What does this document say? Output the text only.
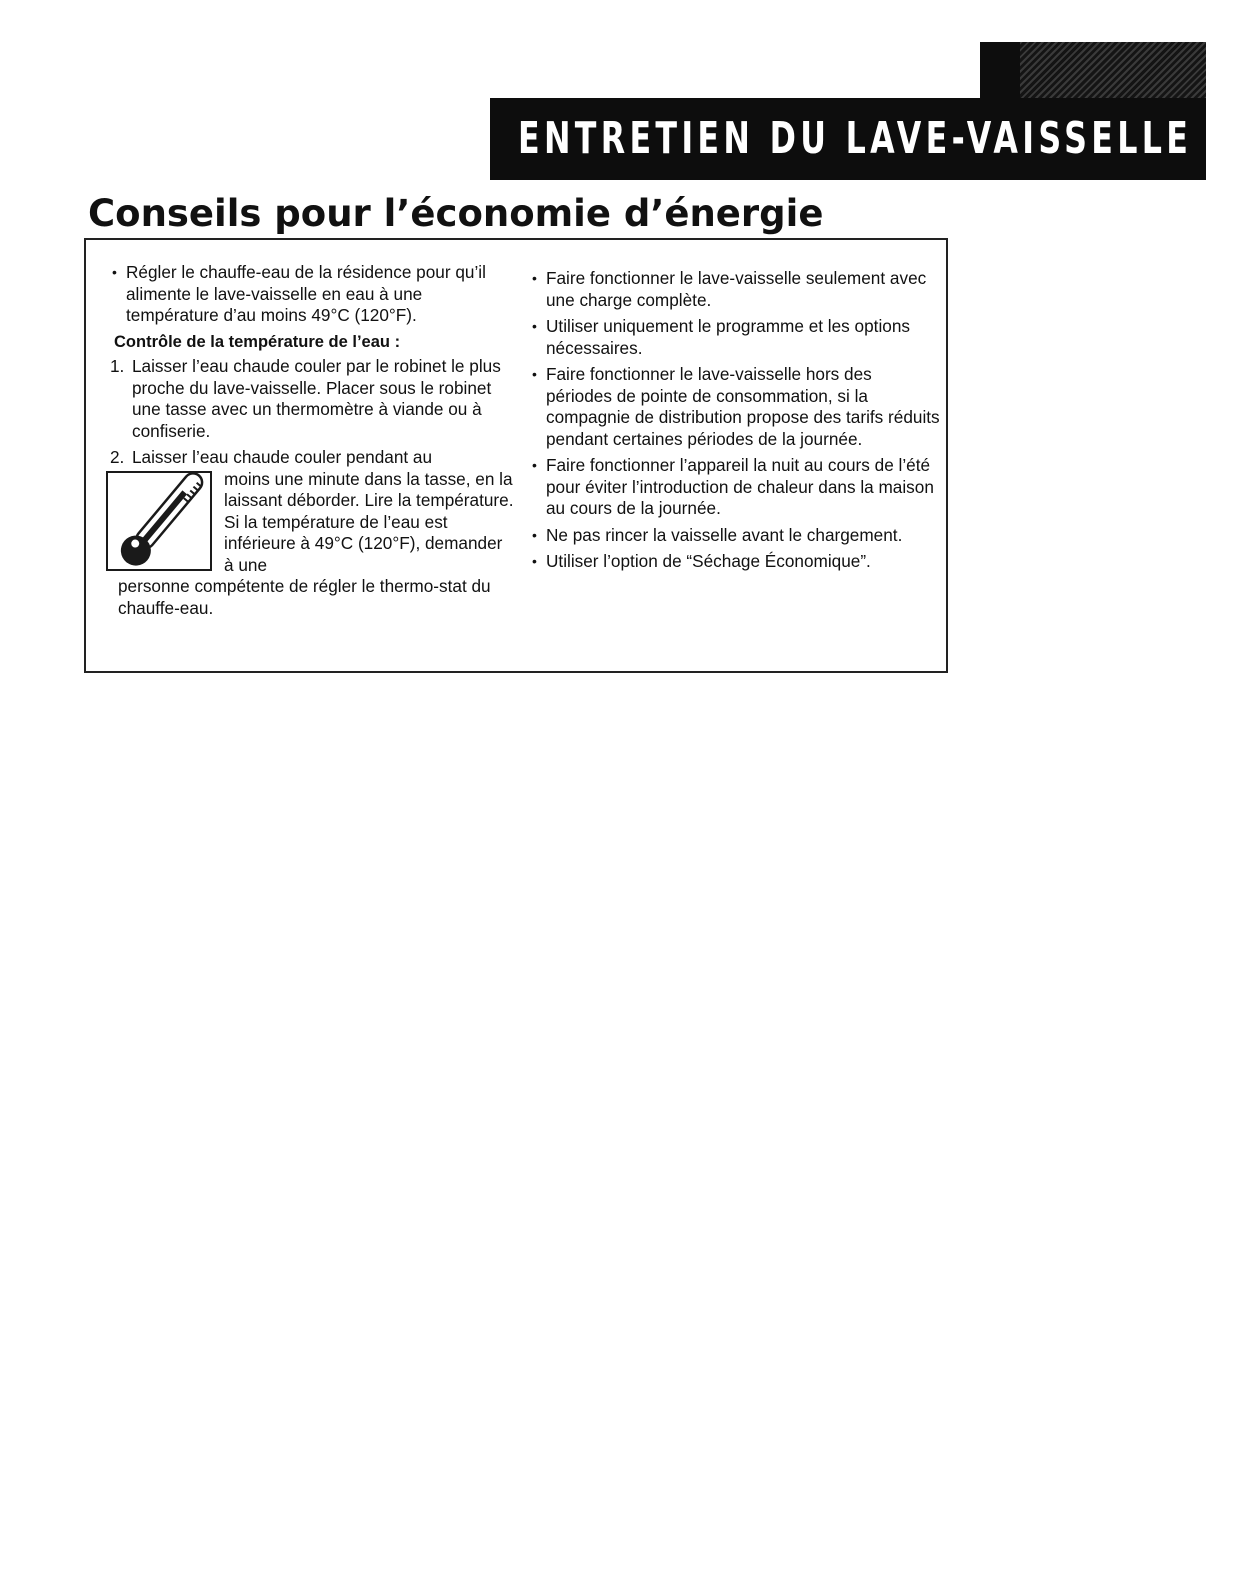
ENTRETIEN DU LAVE-VAISSELLE
Conseils pour l’économie d’énergie
• Régler le chauffe-eau de la résidence pour qu’il alimente le lave-vaisselle en eau à une température d’au moins 49°C (120°F).
Contrôle de la température de l’eau :
1. Laisser l’eau chaude couler par le robinet le plus proche du lave-vaisselle. Placer sous le robinet une tasse avec un thermomètre à viande ou à confiserie.
2. Laisser l’eau chaude couler pendant au
moins une minute dans la tasse, en la laissant déborder. Lire la température. Si la température de l’eau est inférieure à 49°C (120°F), demander à une
personne compétente de régler le thermo-stat du chauffe-eau.
• Faire fonctionner le lave-vaisselle seulement avec une charge complète.
• Utiliser uniquement le programme et les options nécessaires.
• Faire fonctionner le lave-vaisselle hors des périodes de pointe de consommation, si la compagnie de distribution propose des tarifs réduits pendant certaines périodes de la journée.
• Faire fonctionner l’appareil la nuit au cours de l’été pour éviter l’introduction de chaleur dans la maison au cours de la journée.
• Ne pas rincer la vaisselle avant le chargement.
• Utiliser l’option de “Séchage Économique”.
